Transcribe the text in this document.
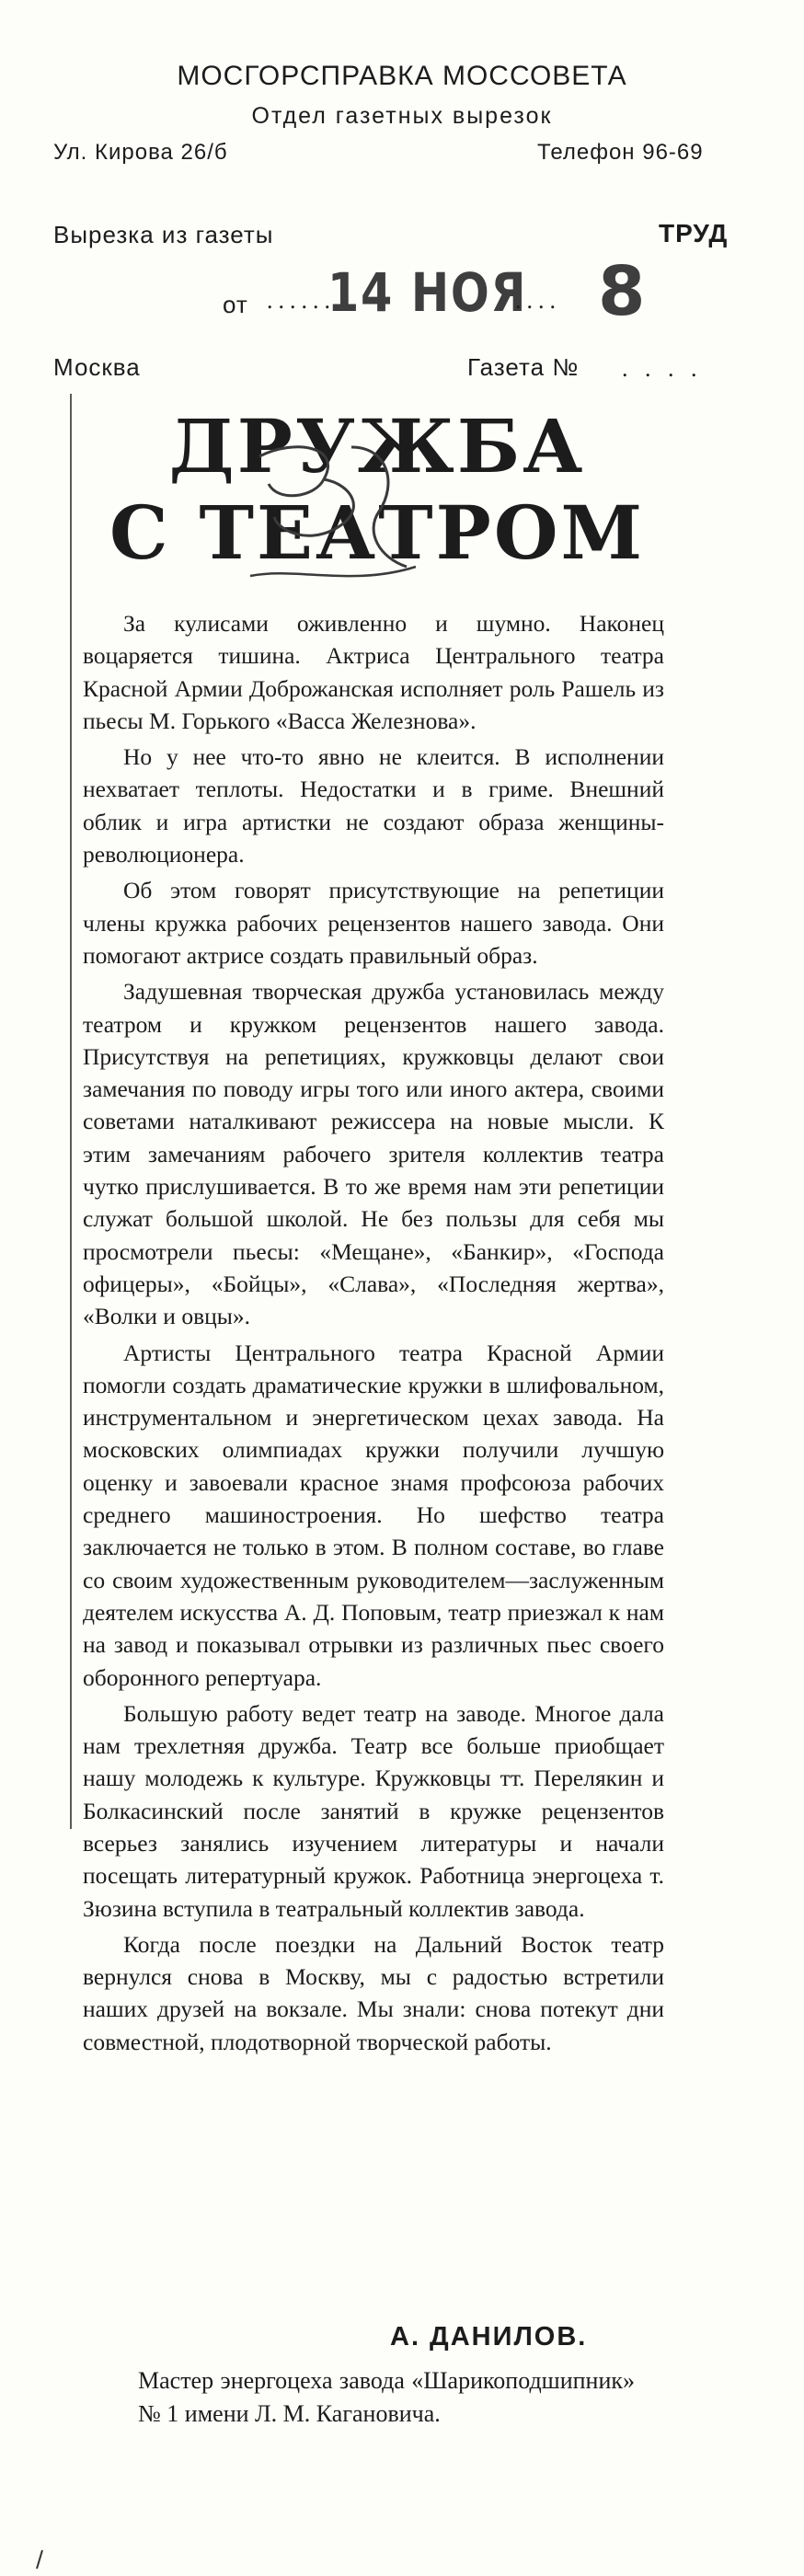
МОСГОРСПРАВКА МОССОВЕТА
Отдел газетных вырезок
Ул. Кирова 26/б	Телефон 96-69
Вырезка из газеты	ТРУД
от ......
14 НОЯ
.... 8
Москва	Газета № . . . .
ДРУЖБА
С ТЕАТРОМ

За кулисами оживленно и шумно. Наконец воцаряется тишина. Актриса Центрального театра Красной Армии Доброжанская исполняет роль Рашель из пьесы М. Горького «Васса Железнова».

Но у нее что-то явно не клеится. В исполнении нехватает теплоты. Недостатки и в гриме. Внешний облик и игра артистки не создают образа женщины-революционера.

Об этом говорят присутствующие на репетиции члены кружка рабочих рецензентов нашего завода. Они помогают актрисе создать правильный образ.

Задушевная творческая дружба установилась между театром и кружком рецензентов нашего завода. Присутствуя на репетициях, кружковцы делают свои замечания по поводу игры того или иного актера, своими советами наталкивают режиссера на новые мысли. К этим замечаниям рабочего зрителя коллектив театра чутко прислушивается. В то же время нам эти репетиции служат большой школой. Не без пользы для себя мы просмотрели пьесы: «Мещане», «Банкир», «Господа офицеры», «Бойцы», «Слава», «Последняя жертва», «Волки и овцы».

Артисты Центрального театра Красной Армии помогли создать драматические кружки в шлифовальном, инструментальном и энергетическом цехах завода. На московских олимпиадах кружки получили лучшую оценку и завоевали красное знамя профсоюза рабочих среднего машиностроения. Но шефство театра заключается не только в этом. В полном составе, во главе со своим художественным руководителем—заслуженным деятелем искусства А. Д. Поповым, театр приезжал к нам на завод и показывал отрывки из различных пьес своего оборонного репертуара.

Большую работу ведет театр на заводе. Многое дала нам трехлетняя дружба. Театр все больше приобщает нашу молодежь к культуре. Кружковцы тт. Перелякин и Болкасинский после занятий в кружке рецензентов всерьез занялись изучением литературы и начали посещать литературный кружок. Работница энергоцеха т. Зюзина вступила в театральный коллектив завода.

Когда после поездки на Дальний Восток театр вернулся снова в Москву, мы с радостью встретили наших друзей на вокзале. Мы знали: снова потекут дни совместной, плодотворной творческой работы.

А. ДАНИЛОВ.
Мастер энергоцеха завода «Шарикоподшипник» № 1 имени Л. М. Кагановича.
